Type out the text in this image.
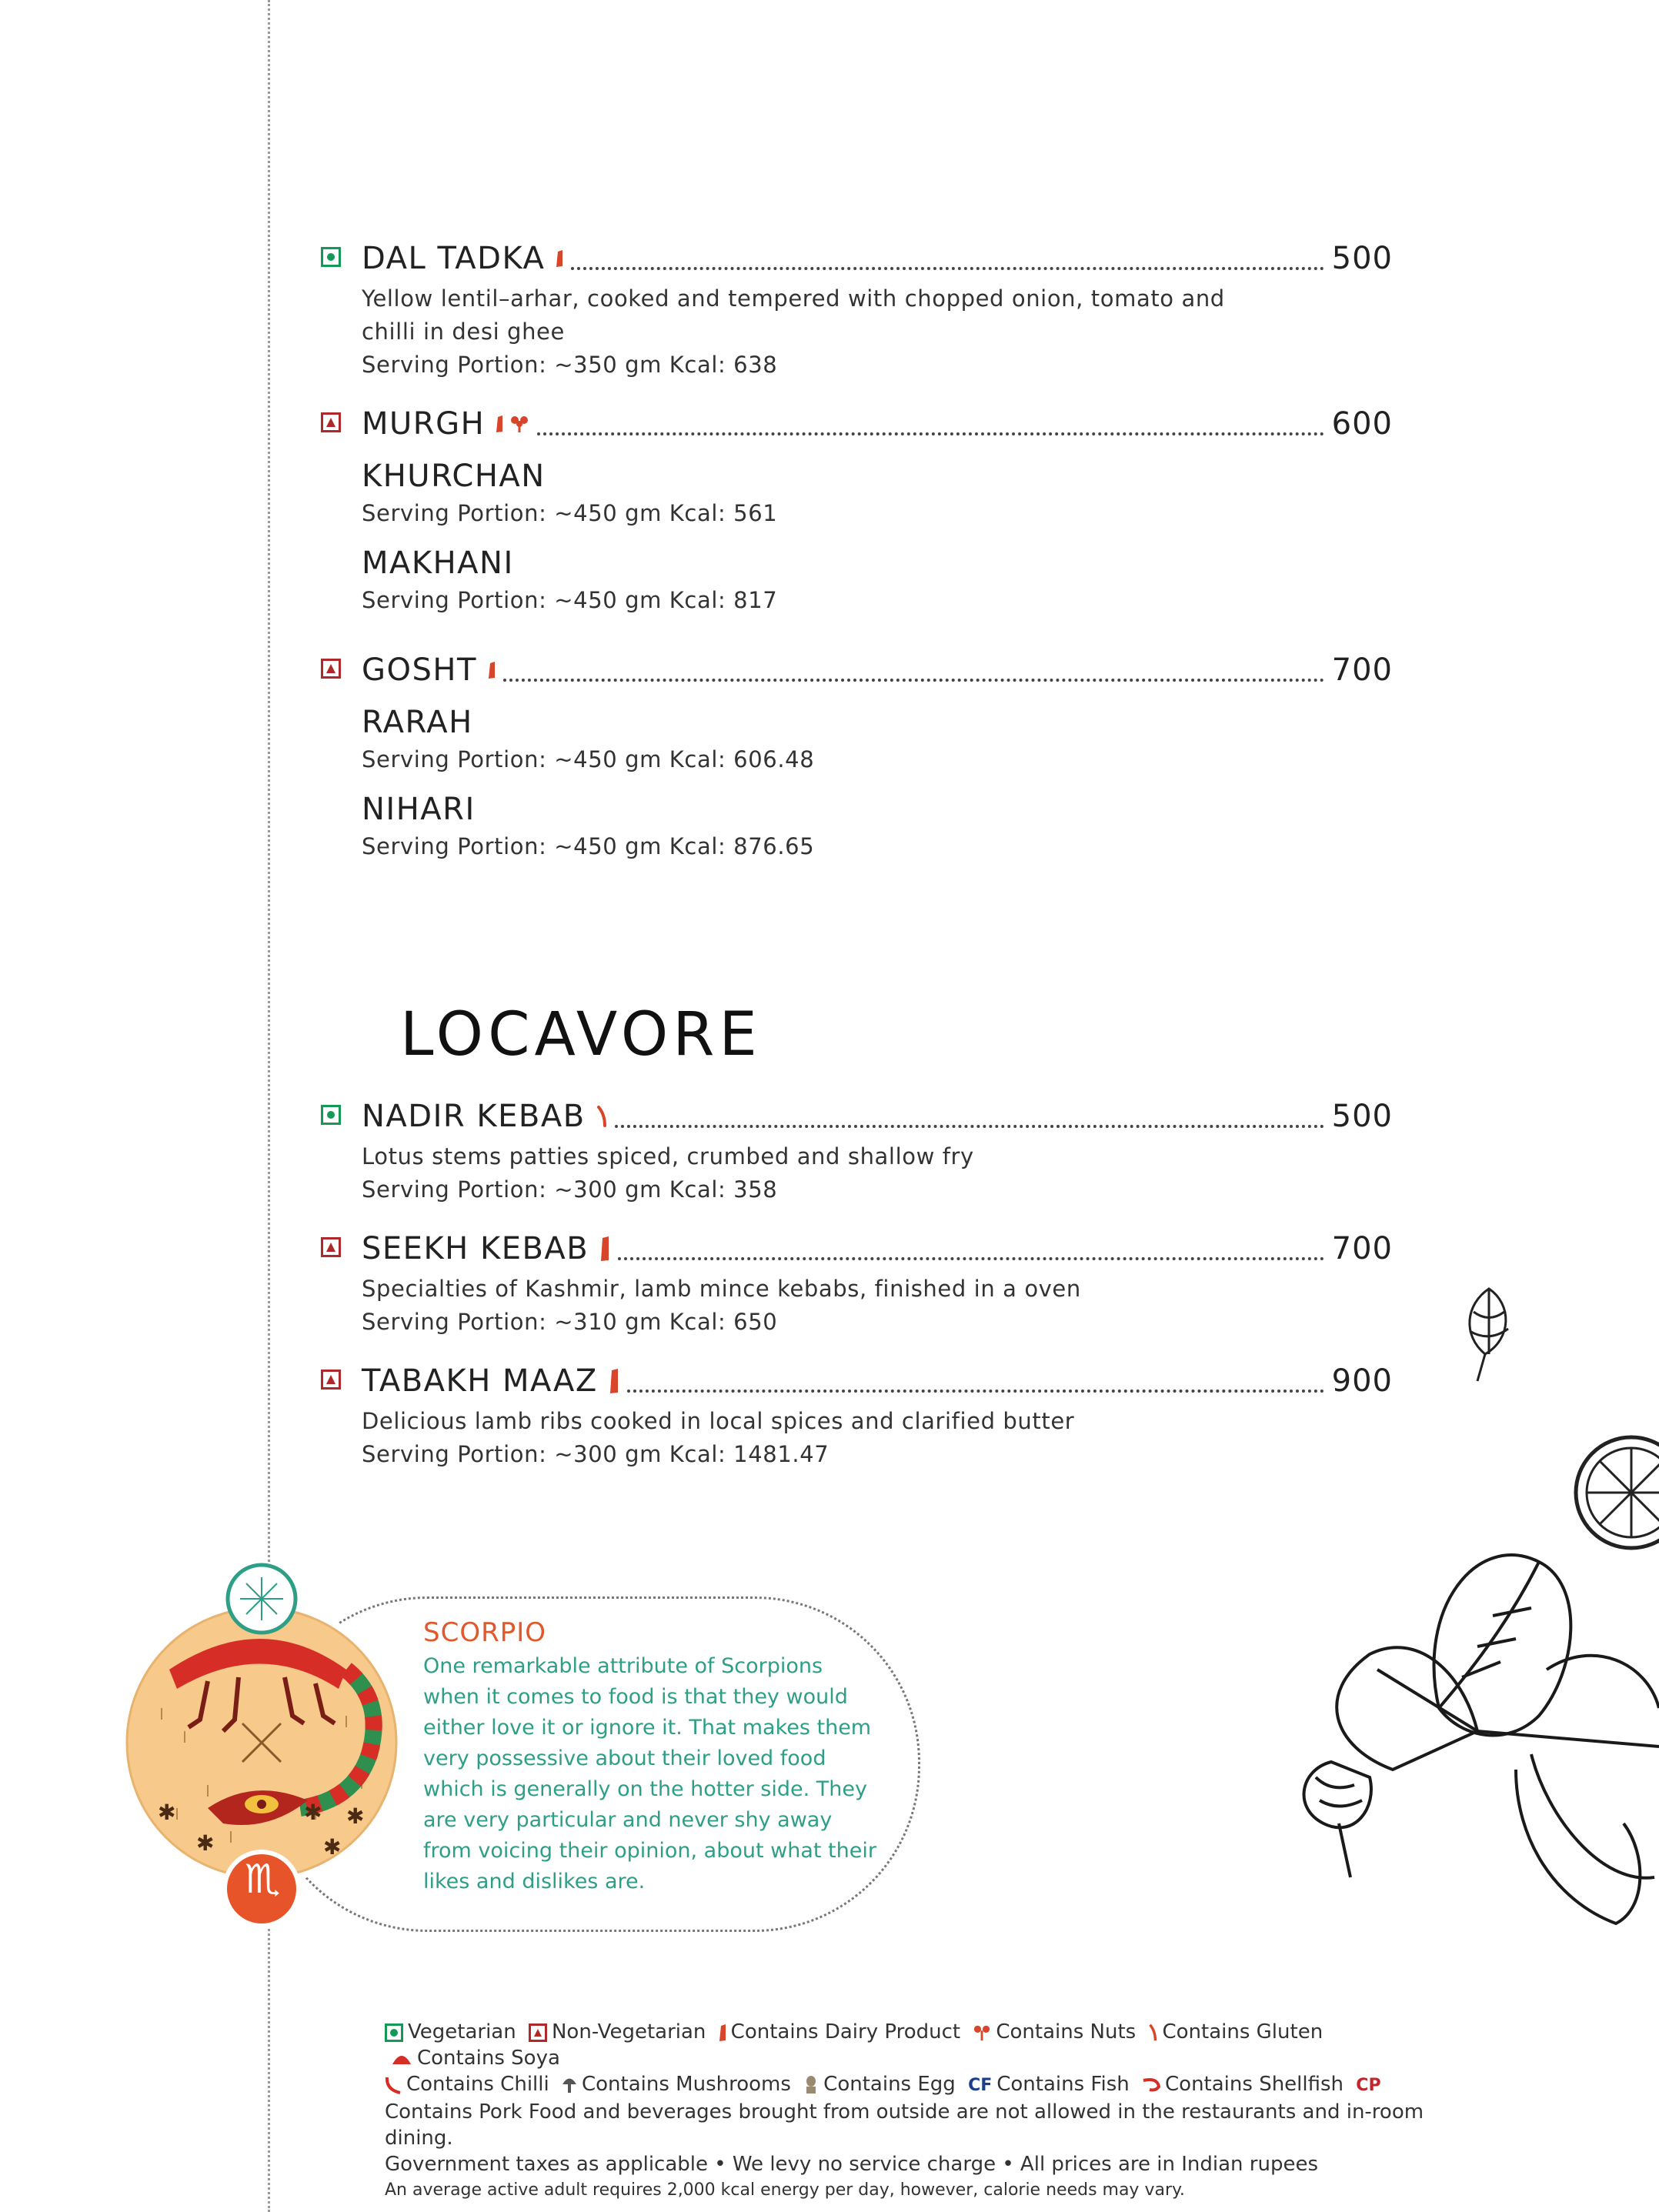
DAL TADKA	500
Yellow lentil–arhar, cooked and tempered with chopped onion, tomato and
chilli in desi ghee
Serving Portion: ~350 gm Kcal: 638
MURGH	600
KHURCHAN
Serving Portion: ~450 gm Kcal: 561
MAKHANI
Serving Portion: ~450 gm Kcal: 817
GOSHT	700
RARAH
Serving Portion: ~450 gm Kcal: 606.48
NIHARI
Serving Portion: ~450 gm Kcal: 876.65
LOCAVORE
NADIR KEBAB	500
Lotus stems patties spiced, crumbed and shallow fry
Serving Portion: ~300 gm Kcal: 358
SEEKH KEBAB	700
Specialties of Kashmir, lamb mince kebabs, finished in a oven
Serving Portion: ~310 gm Kcal: 650
TABAKH MAAZ	900
Delicious lamb ribs cooked in local spices and clarified butter
Serving Portion: ~300 gm Kcal: 1481.47
✱
✱
✱
✱
✱
♏
SCORPIO
One remarkable attribute of Scorpions when it comes to food is that they would either love it or ignore it. That makes them very possessive about their loved food which is generally on the hotter side. They are very particular and never shy away from voicing their opinion, about what their likes and dislikes are.
Vegetarian Non-Vegetarian Contains Dairy Product Contains Nuts Contains Gluten Contains Soya
Contains Chilli Contains Mushrooms Contains Egg CF Contains Fish Contains Shellfish CP
Contains Pork Food and beverages brought from outside are not allowed in the restaurants and in-room dining.
Government taxes as applicable • We levy no service charge • All prices are in Indian rupees
An average active adult requires 2,000 kcal energy per day, however, calorie needs may vary.
